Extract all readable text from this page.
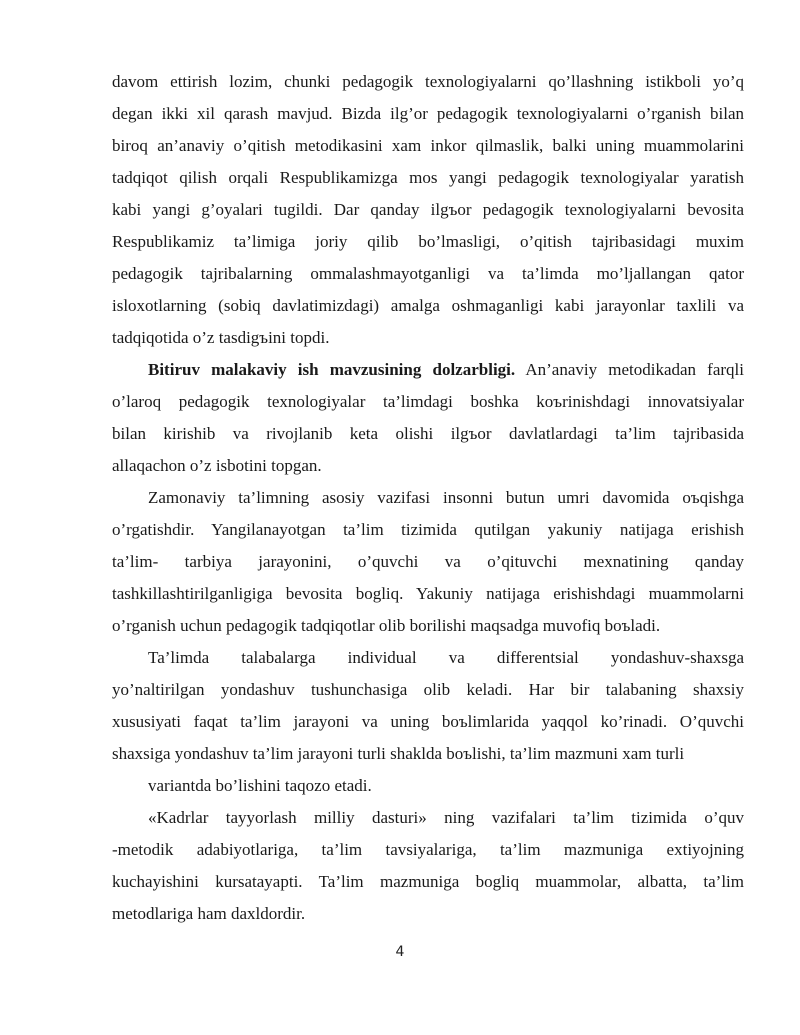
davom ettirish lozim, chunki pedagogik texnologiyalarni qo’llashning istikboli yo’q
degan ikki xil qarash mavjud. Bizda ilg’or pedagogik texnologiyalarni o’rganish bilan
biroq an’anaviy o’qitish metodikasini xam inkor qilmaslik, balki uning muammolarini
tadqiqot qilish orqali Respublikamizga mos yangi pedagogik texnologiyalar yaratish
kabi yangi g’oyalari tugildi. Dar qanday ilgъor pedagogik texnologiyalarni bevosita
Respublikamiz ta’limiga joriy qilib bo’lmasligi, o’qitish tajribasidagi muxim
pedagogik tajribalarning ommalashmayotganligi va ta’limda mo’ljallangan qator
isloxotlarning (sobiq davlatimizdagi) amalga oshmaganligi kabi jarayonlar taxlili va
tadqiqotida o’z tasdigъini topdi.
Bitiruv malakaviy ish mavzusining dolzarbligi. An’anaviy metodikadan farqli
o’laroq pedagogik texnologiyalar ta’limdagi boshka koъrinishdagi innovatsiyalar
bilan kirishib va rivojlanib keta olishi ilgъor davlatlardagi ta’lim tajribasida
allaqachon o’z isbotini topgan.
Zamonaviy ta’limning asosiy vazifasi insonni butun umri davomida oъqishga
o’rgatishdir. Yangilanayotgan ta’lim tizimida qutilgan yakuniy natijaga erishish
ta’lim- tarbiya jarayonini, o’quvchi va o’qituvchi mexnatining qanday
tashkillashtirilganligiga bevosita bogliq. Yakuniy natijaga erishishdagi muammolarni
o’rganish uchun pedagogik tadqiqotlar olib borilishi maqsadga muvofiq boъladi.
Ta’limda talabalarga individual va differentsial yondashuv-shaxsga
yo’naltirilgan yondashuv tushunchasiga olib keladi. Har bir talabaning shaxsiy
xususiyati faqat ta’lim jarayoni va uning boъlimlarida yaqqol ko’rinadi. O’quvchi
shaxsiga yondashuv ta’lim jarayoni turli shaklda boъlishi, ta’lim mazmuni xam turli
variantda bo’lishini taqozo etadi.
«Kadrlar tayyorlash milliy dasturi» ning vazifalari ta’lim tizimida o’quv
-metodik adabiyotlariga, ta’lim tavsiyalariga, ta’lim mazmuniga extiyojning
kuchayishini kursatayapti. Ta’lim mazmuniga bogliq muammolar, albatta, ta’lim
metodlariga ham daxldordir.
4
